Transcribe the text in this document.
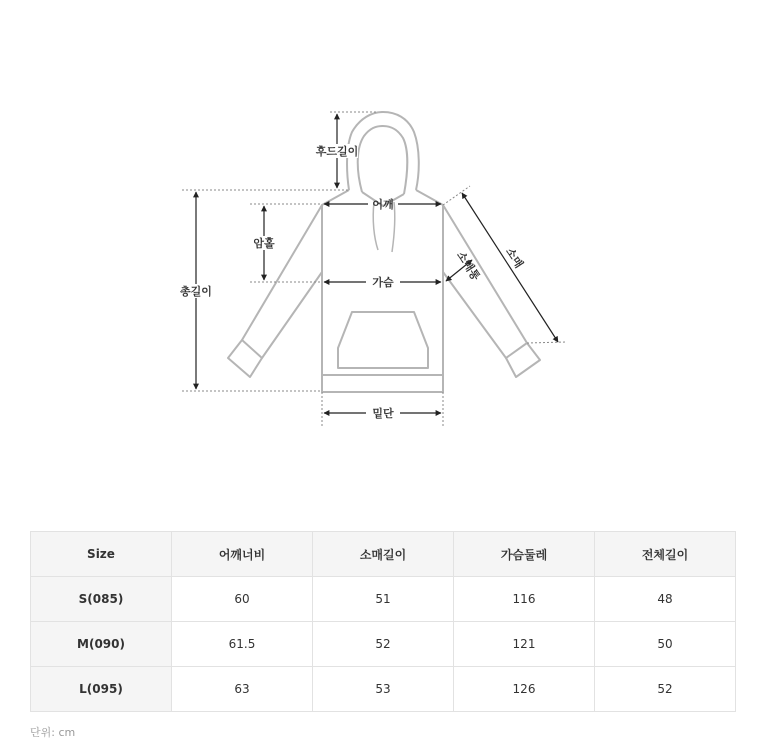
후드길이
어깨
총길이
암홀
가슴
밑단
소매
소매통
Size	어깨너비	소매길이	가슴둘레	전체길이
S(085)	60	51	116	48
M(090)	61.5	52	121	50
L(095)	63	53	126	52
단위: cm
